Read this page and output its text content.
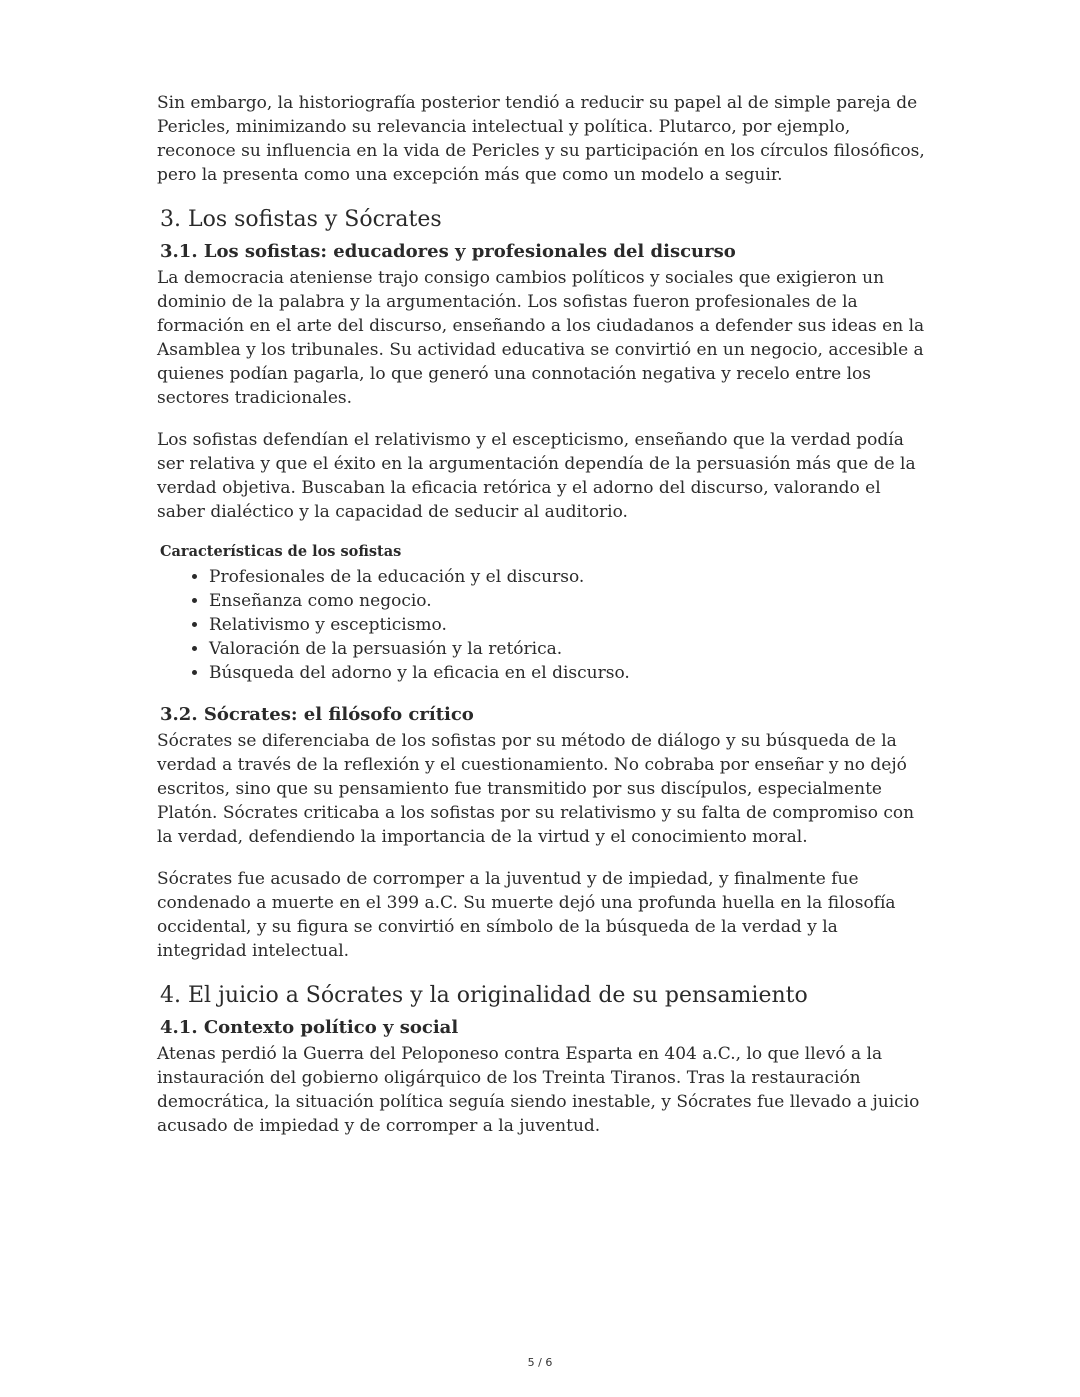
Sin embargo, la historiografía posterior tendió a reducir su papel al de simple pareja de Pericles, minimizando su relevancia intelectual y política. Plutarco, por ejemplo, reconoce su influencia en la vida de Pericles y su participación en los círculos filosóficos, pero la presenta como una excepción más que como un modelo a seguir.

3. Los sofistas y Sócrates
3.1. Los sofistas: educadores y profesionales del discurso

La democracia ateniense trajo consigo cambios políticos y sociales que exigieron un dominio de la palabra y la argumentación. Los sofistas fueron profesionales de la formación en el arte del discurso, enseñando a los ciudadanos a defender sus ideas en la Asamblea y los tribunales. Su actividad educativa se convirtió en un negocio, accesible a quienes podían pagarla, lo que generó una connotación negativa y recelo entre los sectores tradicionales.

Los sofistas defendían el relativismo y el escepticismo, enseñando que la verdad podía ser relativa y que el éxito en la argumentación dependía de la persuasión más que de la verdad objetiva. Buscaban la eficacia retórica y el adorno del discurso, valorando el saber dialéctico y la capacidad de seducir al auditorio.

Características de los sofistas
• Profesionales de la educación y el discurso.
• Enseñanza como negocio.
• Relativismo y escepticismo.
• Valoración de la persuasión y la retórica.
• Búsqueda del adorno y la eficacia en el discurso.
3.2. Sócrates: el filósofo crítico

Sócrates se diferenciaba de los sofistas por su método de diálogo y su búsqueda de la verdad a través de la reflexión y el cuestionamiento. No cobraba por enseñar y no dejó escritos, sino que su pensamiento fue transmitido por sus discípulos, especialmente Platón. Sócrates criticaba a los sofistas por su relativismo y su falta de compromiso con la verdad, defendiendo la importancia de la virtud y el conocimiento moral.

Sócrates fue acusado de corromper a la juventud y de impiedad, y finalmente fue condenado a muerte en el 399 a.C. Su muerte dejó una profunda huella en la filosofía occidental, y su figura se convirtió en símbolo de la búsqueda de la verdad y la integridad intelectual.

4. El juicio a Sócrates y la originalidad de su pensamiento
4.1. Contexto político y social

Atenas perdió la Guerra del Peloponeso contra Esparta en 404 a.C., lo que llevó a la instauración del gobierno oligárquico de los Treinta Tiranos. Tras la restauración democrática, la situación política seguía siendo inestable, y Sócrates fue llevado a juicio acusado de impiedad y de corromper a la juventud.

5 / 6
